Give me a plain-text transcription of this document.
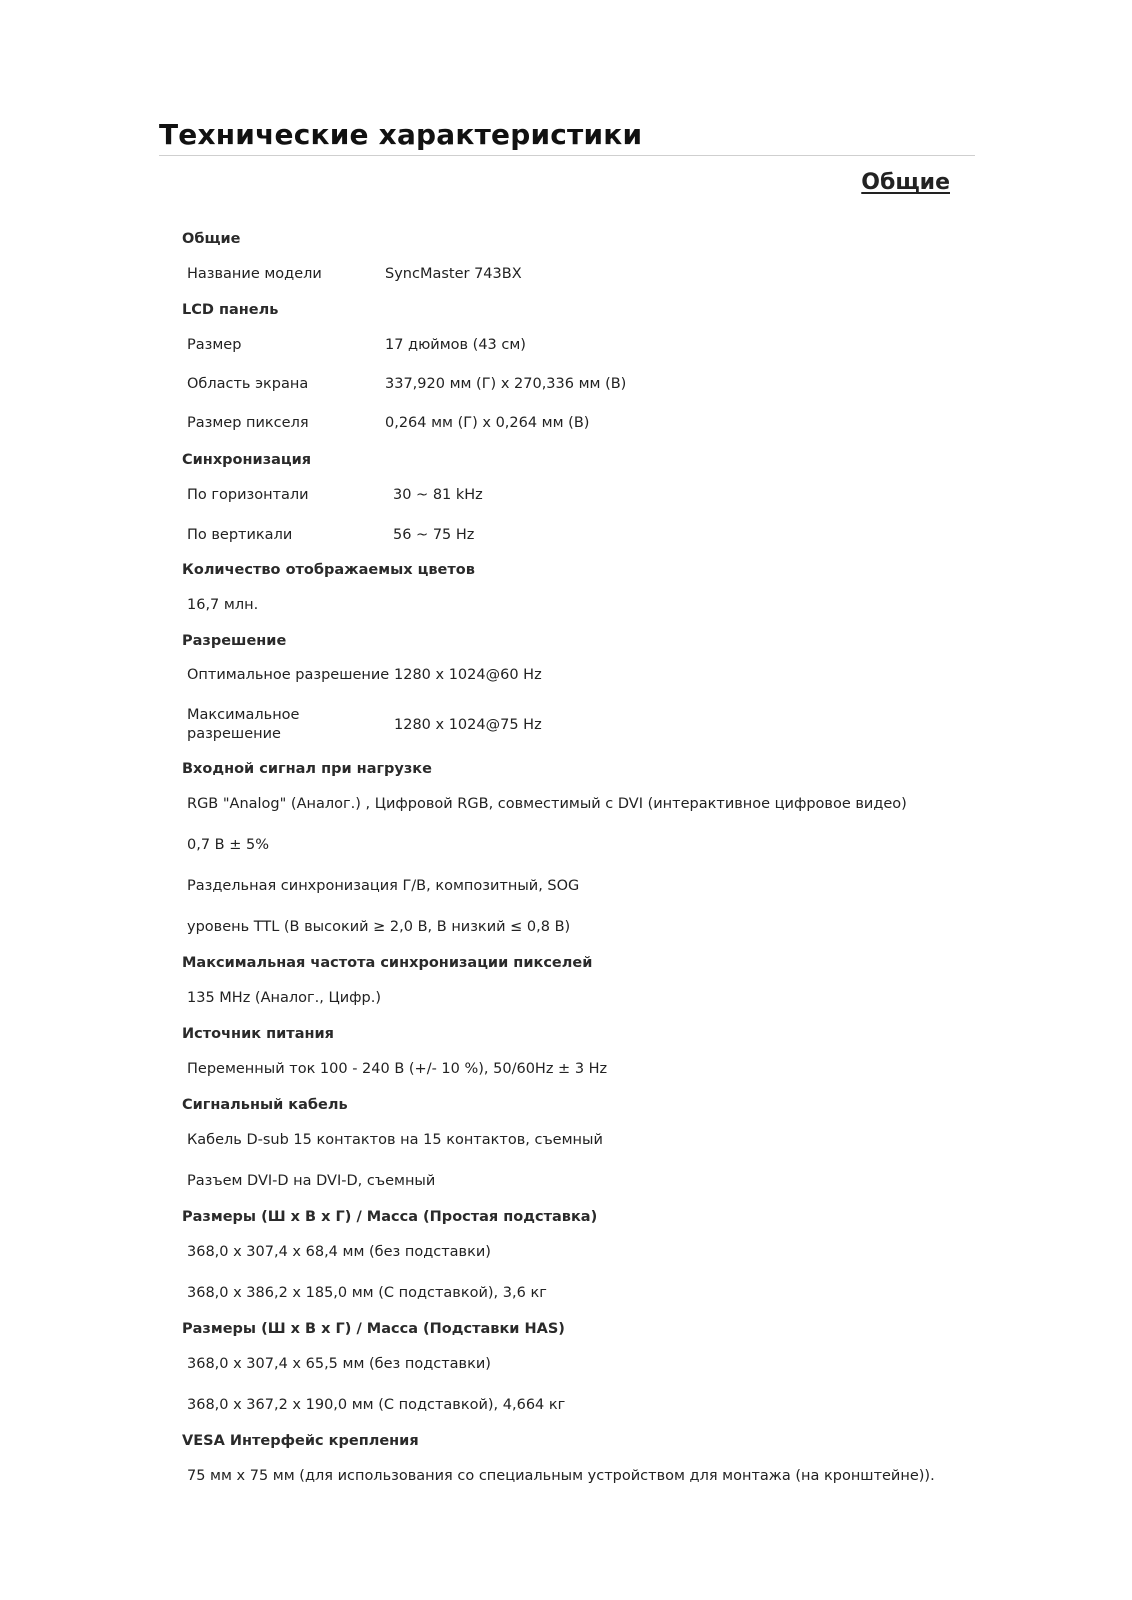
Технические характеристики
Общие
Общие
Название модели	SyncMaster 743BX
LCD панель
Размер	17 дюймов (43 см)
Область экрана	337,920 мм (Г) x 270,336 мм (В)
Размер пикселя	0,264 мм (Г) x 0,264 мм (В)
Синхронизация
По горизонтали	30 ~ 81 kHz
По вертикали	56 ~ 75 Hz
Количество отображаемых цветов
16,7 млн.
Разрешение
Оптимальное разрешение 1280 x 1024@60 Hz
Максимальное разрешение
1280 x 1024@75 Hz
Входной сигнал при нагрузке
RGB "Analog" (Аналог.) , Цифровой RGB, совместимый с DVI (интерактивное цифровое видео)
0,7 В ± 5%
Раздельная синхронизация Г/В, композитный, SOG
уровень TTL (В высокий ≥ 2,0 В, В низкий ≤ 0,8 В)
Максимальная частота синхронизации пикселей
135 MHz (Аналог., Цифр.)
Источник питания
Переменный ток 100 - 240 В (+/- 10 %), 50/60Hz ± 3 Hz
Сигнальный кабель
Кабель D-sub 15 контактов на 15 контактов, съемный
Разъем DVI-D на DVI-D, съемный
Размеры (Ш x В x Г) / Масса (Простая подставка)
368,0 x 307,4 x 68,4 мм (без подставки)
368,0 x 386,2 x 185,0 мм (С подставкой), 3,6 кг
Размеры (Ш x В x Г) / Масса (Подставки HAS)
368,0 x 307,4 x 65,5 мм (без подставки)
368,0 x 367,2 x 190,0 мм (С подставкой), 4,664 кг
VESA Интерфейс крепления
75 мм x 75 мм (для использования со специальным устройством для монтажа (на кронштейне)).
